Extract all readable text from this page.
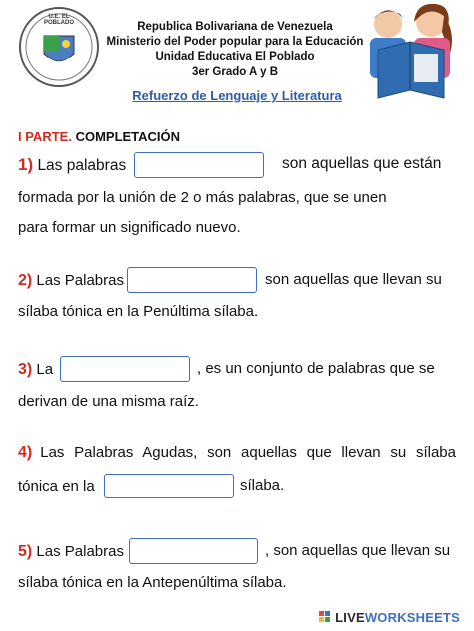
U.E. EL POBLADO	Republica Bolivariana de Venezuela
Ministerio del Poder popular para la Educación
Unidad Educativa El Poblado
3er Grado A y B
Refuerzo de Lenguaje y Literatura
I PARTE. COMPLETACIÓN
1) Las palabras	son aquellas que están
formada por la unión de 2 o más palabras, que se unen
para formar un significado nuevo.
2) Las Palabras	son aquellas que llevan su
sílaba tónica en la Penúltima sílaba.
3) La	, es un conjunto de palabras que se
derivan de una misma raíz.
4) Las Palabras Agudas, son aquellas que llevan su sílaba
tónica en la	sílaba.
5) Las Palabras	, son aquellas que llevan su
sílaba tónica en la Antepenúltima sílaba.
LIVEWORKSHEETS
